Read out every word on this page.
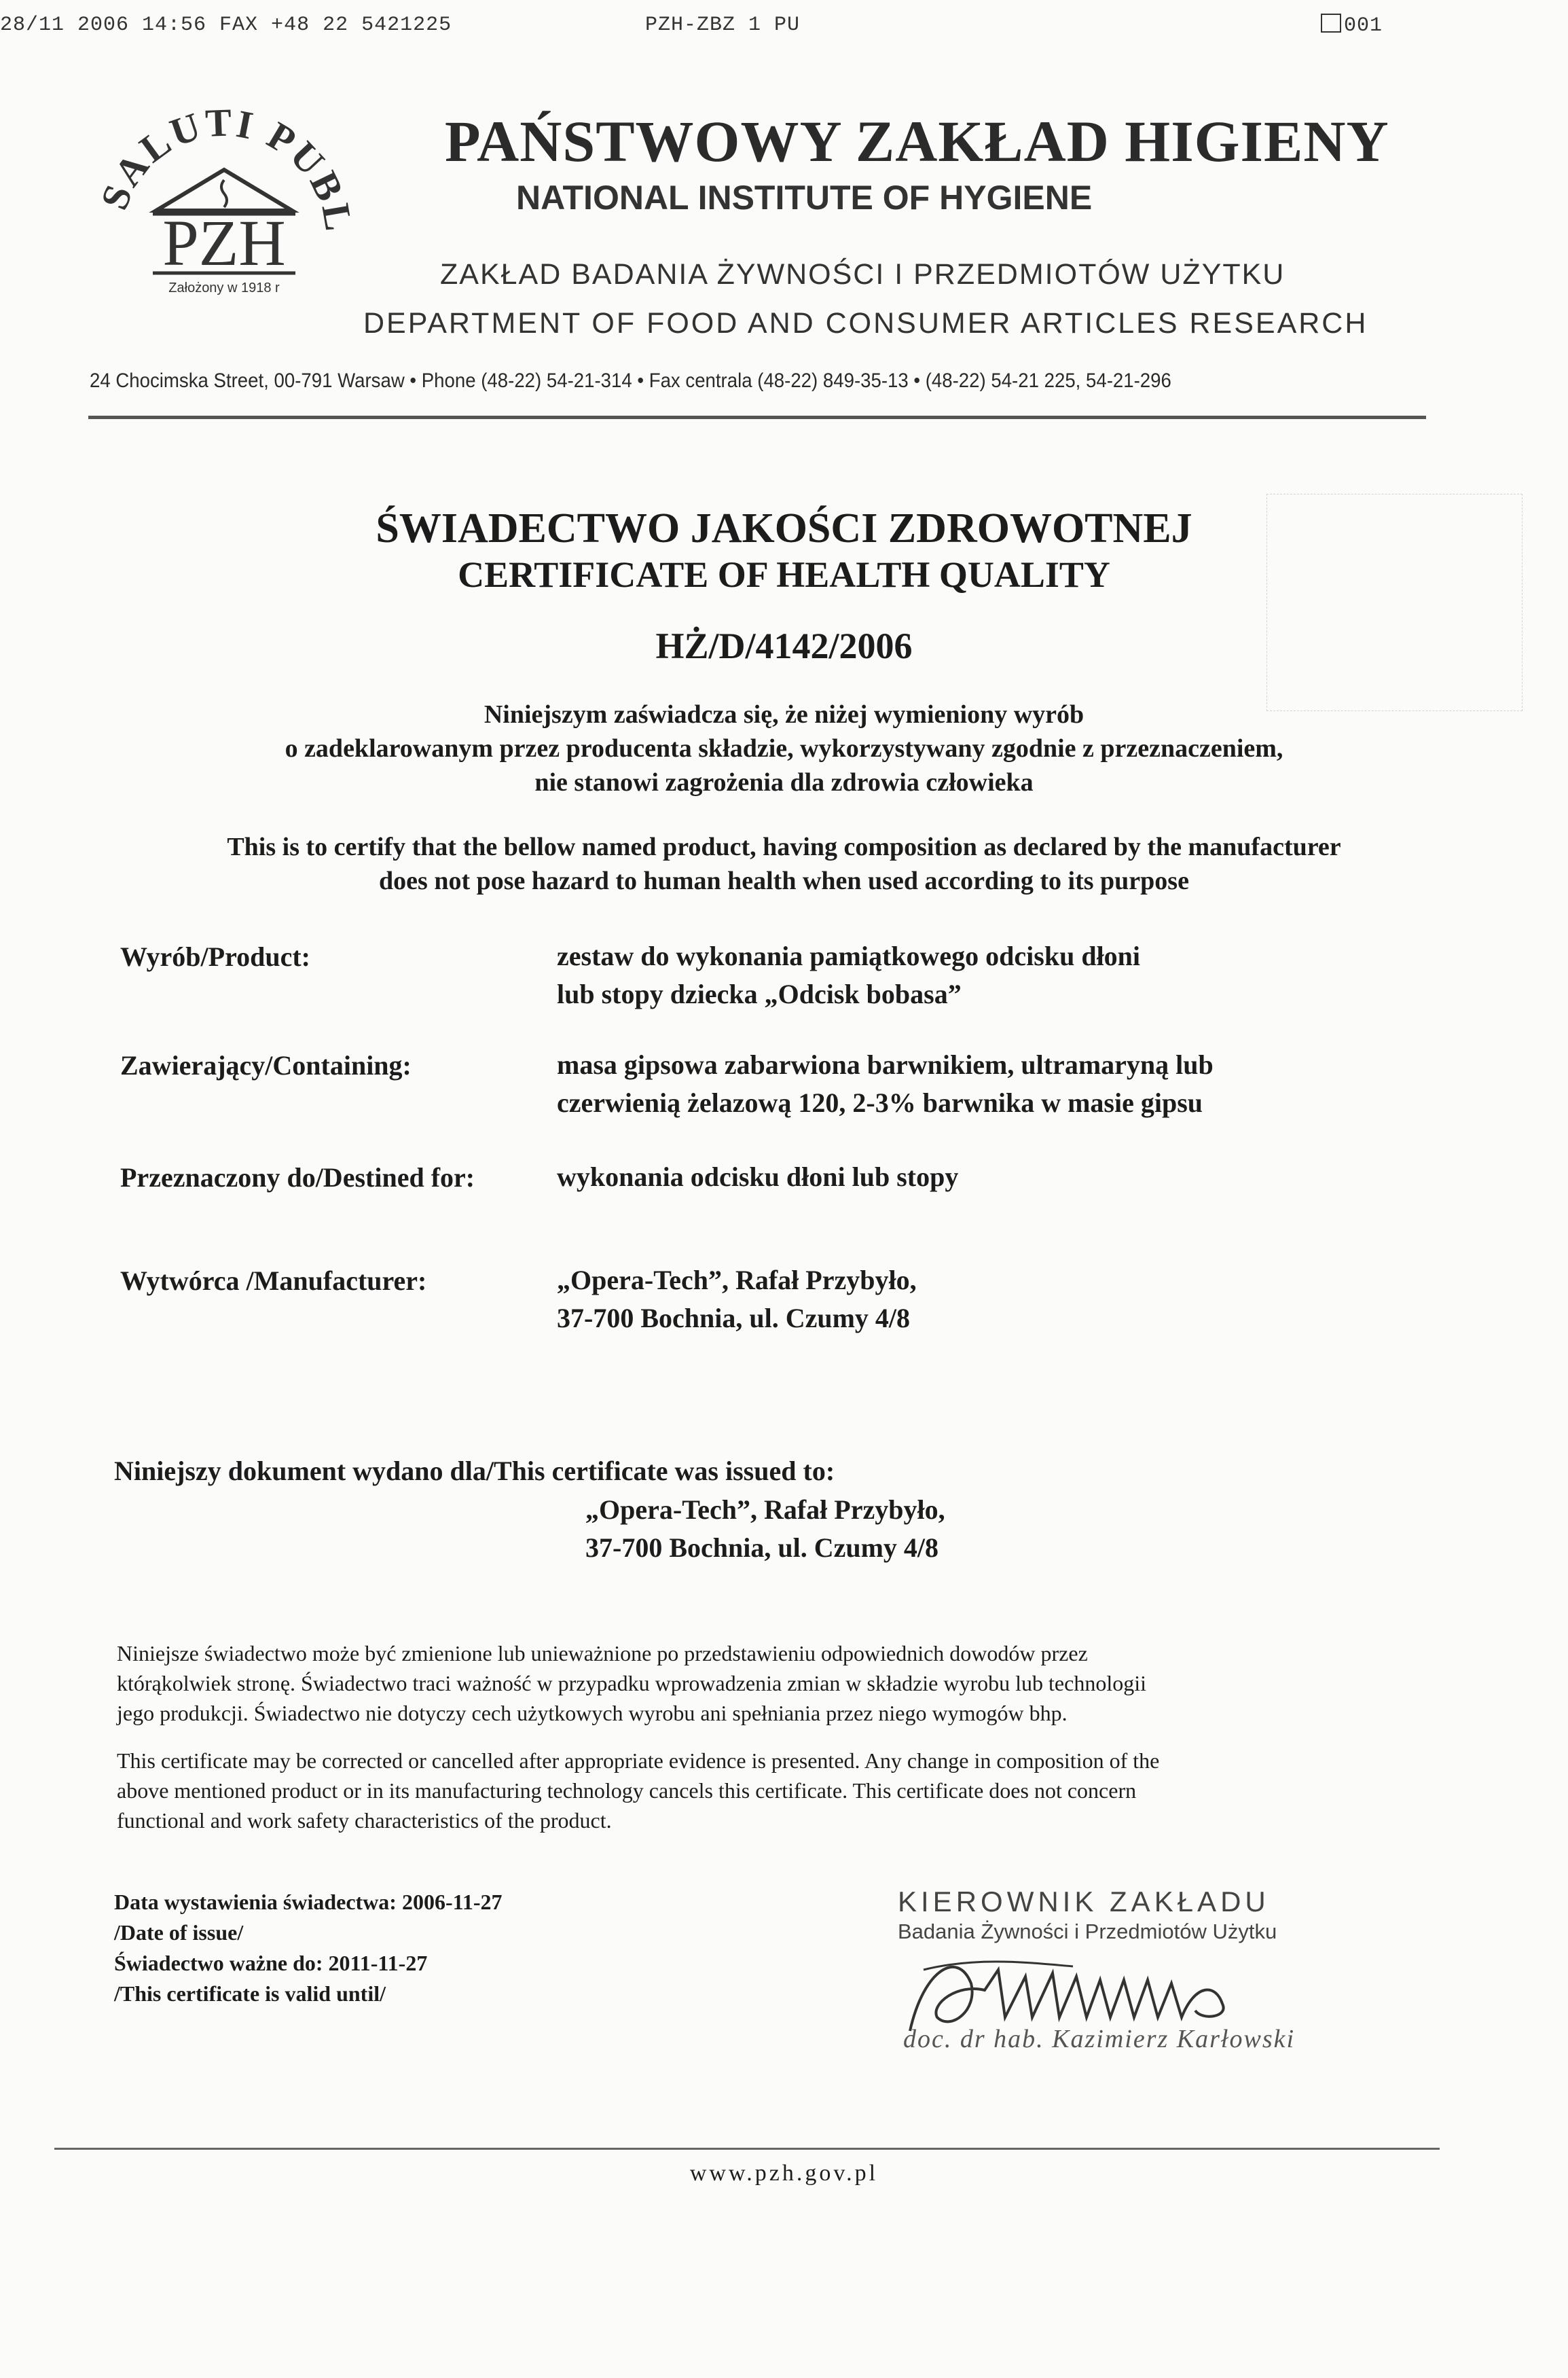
28/11 2006 14:56 FAX +48 22 5421225	PZH-ZBZ 1 PU	001
SALUTI PUBL
PZH
Założony w 1918 r
PAŃSTWOWY ZAKŁAD HIGIENY
NATIONAL INSTITUTE OF HYGIENE
ZAKŁAD BADANIA ŻYWNOŚCI I PRZEDMIOTÓW UŻYTKU
DEPARTMENT OF FOOD AND CONSUMER ARTICLES RESEARCH
24 Chocimska Street, 00-791 Warsaw • Phone (48-22) 54-21-314 • Fax centrala (48-22) 849-35-13 • (48-22) 54-21 225, 54-21-296
ŚWIADECTWO JAKOŚCI ZDROWOTNEJ
CERTIFICATE OF HEALTH QUALITY
HŻ/D/4142/2006
Niniejszym zaświadcza się, że niżej wymieniony wyrób
o zadeklarowanym przez producenta składzie, wykorzystywany zgodnie z przeznaczeniem,
nie stanowi zagrożenia dla zdrowia człowieka
This is to certify that the bellow named product, having composition as declared by the manufacturer
does not pose hazard to human health when used according to its purpose
Wyrób/Product:	zestaw do wykonania pamiątkowego odcisku dłoni
lub stopy dziecka „Odcisk bobasa”
Zawierający/Containing:	masa gipsowa zabarwiona barwnikiem, ultramaryną lub
czerwienią żelazową 120, 2-3% barwnika w masie gipsu
Przeznaczony do/Destined for:	wykonania odcisku dłoni lub stopy
Wytwórca /Manufacturer:	„Opera-Tech”, Rafał Przybyło,
37-700 Bochnia, ul. Czumy 4/8
Niniejszy dokument wydano dla/This certificate was issued to:
„Opera-Tech”, Rafał Przybyło,
37-700 Bochnia, ul. Czumy 4/8
Niniejsze świadectwo może być zmienione lub unieważnione po przedstawieniu odpowiednich dowodów przez
którąkolwiek stronę. Świadectwo traci ważność w przypadku wprowadzenia zmian w składzie wyrobu lub technologii
jego produkcji. Świadectwo nie dotyczy cech użytkowych wyrobu ani spełniania przez niego wymogów bhp.
This certificate may be corrected or cancelled after appropriate evidence is presented. Any change in composition of the
above mentioned product or in its manufacturing technology cancels this certificate. This certificate does not concern
functional and work safety characteristics of the product.
Data wystawienia świadectwa: 2006-11-27
/Date of issue/
Świadectwo ważne do: 2011-11-27
/This certificate is valid until/
KIEROWNIK ZAKŁADU
Badania Żywności i Przedmiotów Użytku
doc. dr hab. Kazimierz Karłowski
www.pzh.gov.pl
